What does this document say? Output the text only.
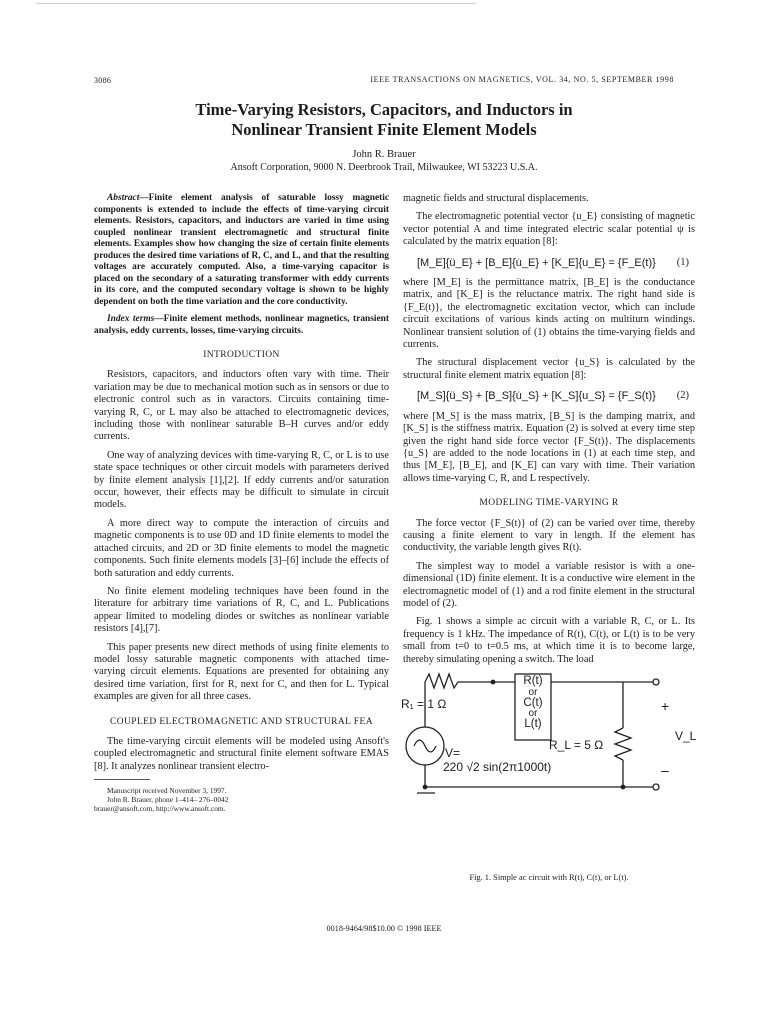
3086	IEEE TRANSACTIONS ON MAGNETICS, VOL. 34, NO. 5, SEPTEMBER 1998
Time-Varying Resistors, Capacitors, and Inductors in
Nonlinear Transient Finite Element Models
John R. Brauer
Ansoft Corporation, 9000 N. Deerbrook Trail, Milwaukee, WI 53223 U.S.A.

Abstract—Finite element analysis of saturable lossy magnetic components is extended to include the effects of time-varying circuit elements. Resistors, capacitors, and inductors are varied in time using coupled nonlinear transient electromagnetic and structural finite elements. Examples show how changing the size of certain finite elements produces the desired time variations of R, C, and L, and that the resulting voltages are accurately computed. Also, a time-varying capacitor is placed on the secondary of a saturating transformer with eddy currents in its core, and the computed secondary voltage is shown to be highly dependent on both the time variation and the core conductivity.

Index terms—Finite element methods, nonlinear magnetics, transient analysis, eddy currents, losses, time-varying circuits.

INTRODUCTION

Resistors, capacitors, and inductors often vary with time. Their variation may be due to mechanical motion such as in sensors or due to electronic control such as in varactors. Circuits containing time-varying R, C, or L may also be attached to electromagnetic devices, including those with nonlinear saturable B–H curves and/or eddy currents.

One way of analyzing devices with time-varying R, C, or L is to use state space techniques or other circuit models with parameters derived by finite element analysis [1],[2]. If eddy currents and/or saturation occur, however, their effects may be difficult to simulate in circuit models.

A more direct way to compute the interaction of circuits and magnetic components is to use 0D and 1D finite elements to model the attached circuits, and 2D or 3D finite elements to model the magnetic components. Such finite elements models [3]–[6] include the effects of both saturation and eddy currents.

No finite element modeling techniques have been found in the literature for arbitrary time variations of R, C, and L. Publications appear limited to modeling diodes or switches as nonlinear variable resistors [4],[7].

This paper presents new direct methods of using finite elements to model lossy saturable magnetic components with attached time-varying circuit elements. Equations are presented for obtaining any desired time variation, first for R, next for C, and then for L. Typical examples are given for all three cases.

COUPLED ELECTROMAGNETIC AND STRUCTURAL FEA

The time-varying circuit elements will be modeled using Ansoft's coupled electromagnetic and structural finite element software EMAS [8]. It analyzes nonlinear transient electro-

Manuscript received November 3, 1997.
John R. Brauer, phone 1–414– 276–0042
brauer@ansoft.com, http://www.ansoft.com.

magnetic fields and structural displacements.

The electromagnetic potential vector {u_E} consisting of magnetic vector potential A and time integrated electric scalar potential ψ is calculated by the matrix equation [8]:

[M_E]{ü_E} + [B_E]{u̇_E} + [K_E]{u_E} = {F_E(t)} (1)

where [M_E] is the permittance matrix, [B_E] is the conductance matrix, and [K_E] is the reluctance matrix. The right hand side is {F_E(t)}, the electromagnetic excitation vector, which can include circuit excitations of various kinds acting on multiturn windings. Nonlinear transient solution of (1) obtains the time-varying fields and currents.

The structural displacement vector {u_S} is calculated by the structural finite element matrix equation [8]:

[M_S]{ü_S} + [B_S]{u̇_S} + [K_S]{u_S} = {F_S(t)} (2)

where [M_S] is the mass matrix, [B_S] is the damping matrix, and [K_S] is the stiffness matrix. Equation (2) is solved at every time step given the right hand side force vector {F_S(t)}. The displacements {u_S} are added to the node locations in (1) at each time step, and thus [M_E], [B_E], and [K_E] can vary with time. Their variation allows time-varying C, R, and L respectively.

MODELING TIME-VARYING R

The force vector {F_S(t)} of (2) can be varied over time, thereby causing a finite element to vary in length. If the element has conductivity, the variable length gives R(t).

The simplest way to model a variable resistor is with a one-dimensional (1D) finite element. It is a conductive wire element in the electromagnetic model of (1) and a rod finite element in the structural model of (2).

Fig. 1 shows a simple ac circuit with a variable R, C, or L. Its frequency is 1 kHz. The impedance of R(t), C(t), or L(t) is to be very small from t=0 to t=0.5 ms, at which time it is to become large, thereby simulating opening a switch. The load

R₁ = 1 Ω
R(t)
or
C(t)
or
L(t)
+
V_L
–
R_L = 5 Ω
V=
220 √2 sin(2π1000t)
Fig. 1. Simple ac circuit with R(t), C(t), or L(t).
0018-9464/98$10.00 © 1998 IEEE
